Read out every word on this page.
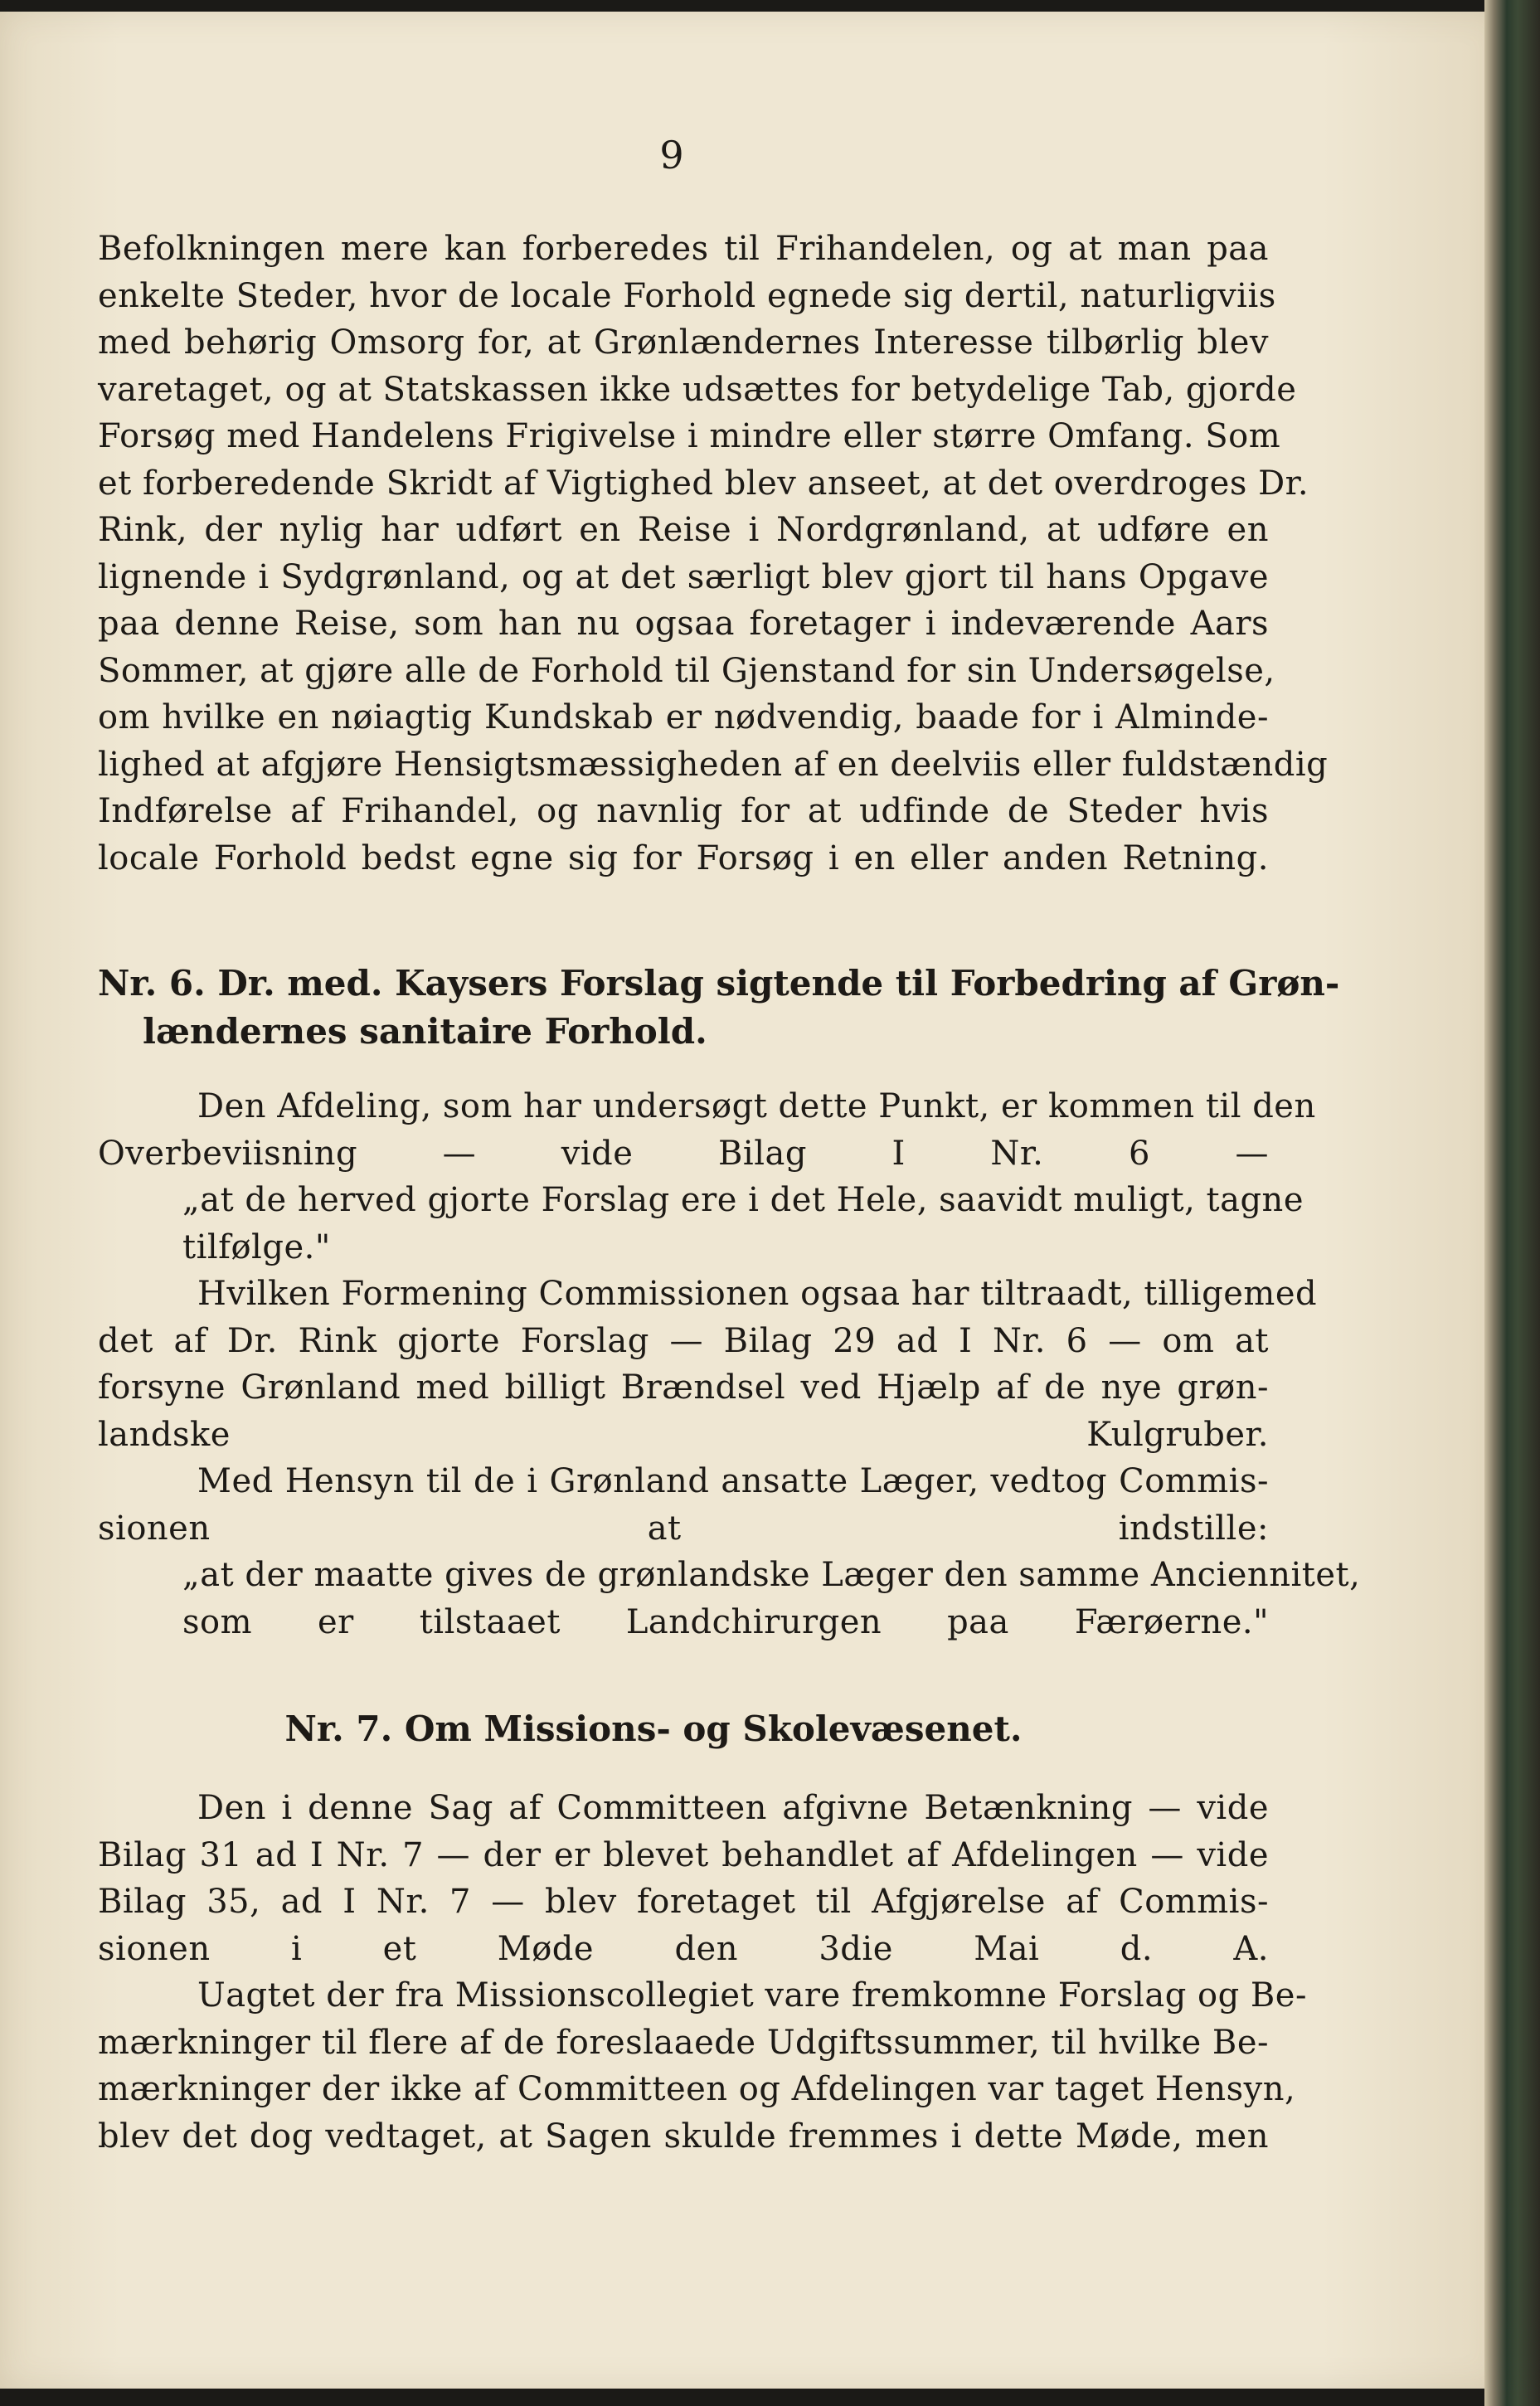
9
Befolkningen mere kan forberedes til Frihandelen, og at man paa
enkelte Steder, hvor de locale Forhold egnede sig dertil, naturligviis
med behørig Omsorg for, at Grønlændernes Interesse tilbørlig blev
varetaget, og at Statskassen ikke udsættes for betydelige Tab, gjorde
Forsøg med Handelens Frigivelse i mindre eller større Omfang. Som
et forberedende Skridt af Vigtighed blev anseet, at det overdroges Dr.
Rink, der nylig har udført en Reise i Nordgrønland, at udføre en
lignende i Sydgrønland, og at det særligt blev gjort til hans Opgave
paa denne Reise, som han nu ogsaa foretager i indeværende Aars
Sommer, at gjøre alle de Forhold til Gjenstand for sin Undersøgelse,
om hvilke en nøiagtig Kundskab er nødvendig, baade for i Alminde-
lighed at afgjøre Hensigtsmæssigheden af en deelviis eller fuldstændig
Indførelse af Frihandel, og navnlig for at udfinde de Steder hvis
locale Forhold bedst egne sig for Forsøg i en eller anden Retning.
Nr. 6. Dr. med. Kaysers Forslag sigtende til Forbedring af Grøn-
lændernes sanitaire Forhold.
Den Afdeling, som har undersøgt dette Punkt, er kommen til den
Overbeviisning — vide Bilag I Nr. 6 —
„at de herved gjorte Forslag ere i det Hele, saavidt muligt, tagne
tilfølge."
Hvilken Formening Commissionen ogsaa har tiltraadt, tilligemed
det af Dr. Rink gjorte Forslag — Bilag 29 ad I Nr. 6 — om at
forsyne Grønland med billigt Brændsel ved Hjælp af de nye grøn-
landske Kulgruber.
Med Hensyn til de i Grønland ansatte Læger, vedtog Commis-
sionen at indstille:
„at der maatte gives de grønlandske Læger den samme Anciennitet,
som er tilstaaet Landchirurgen paa Færøerne."
Nr. 7. Om Missions- og Skolevæsenet.
Den i denne Sag af Committeen afgivne Betænkning — vide
Bilag 31 ad I Nr. 7 — der er blevet behandlet af Afdelingen — vide
Bilag 35, ad I Nr. 7 — blev foretaget til Afgjørelse af Commis-
sionen i et Møde den 3die Mai d. A.
Uagtet der fra Missionscollegiet vare fremkomne Forslag og Be-
mærkninger til flere af de foreslaaede Udgiftssummer, til hvilke Be-
mærkninger der ikke af Committeen og Afdelingen var taget Hensyn,
blev det dog vedtaget, at Sagen skulde fremmes i dette Møde, men
